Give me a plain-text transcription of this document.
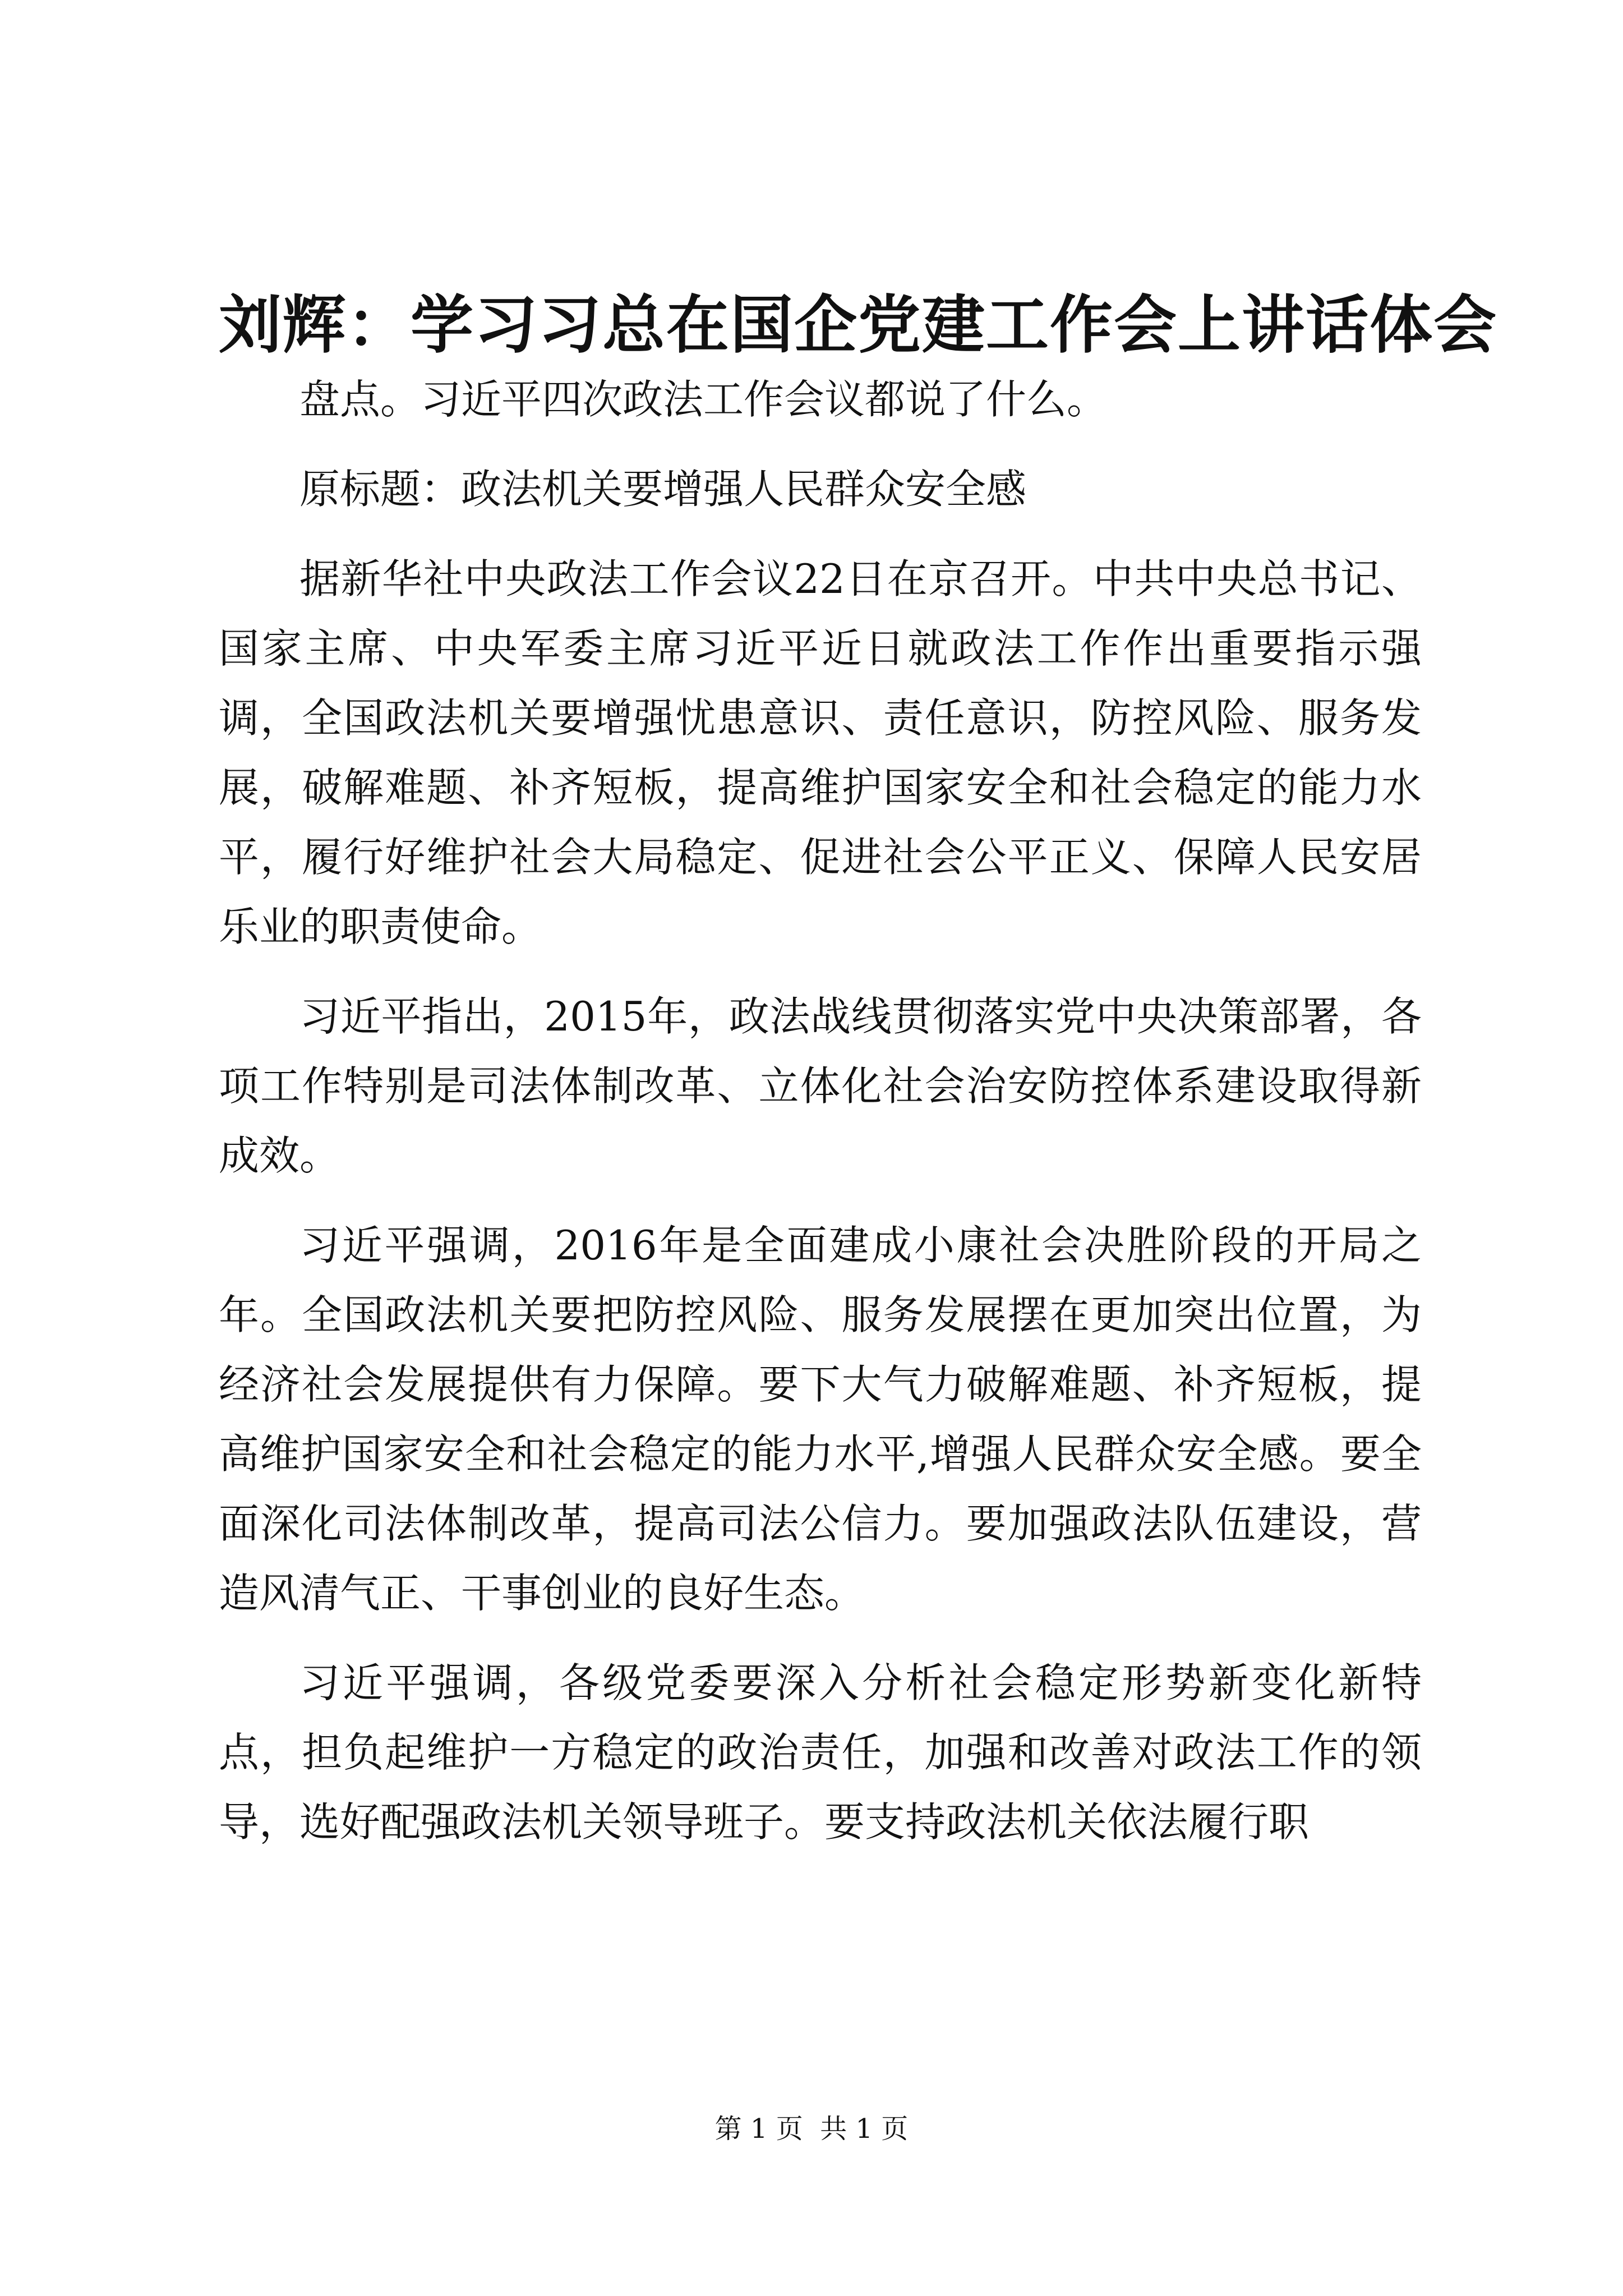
刘辉：学习习总在国企党建工作会上讲话体会

盘点。习近平四次政法工作会议都说了什么。

原标题：政法机关要增强人民群众安全感

据新华社中央政法工作会议22日在京召开。中共中央总书记、国家主席、中央军委主席习近平近日就政法工作作出重要指示强调，全国政法机关要增强忧患意识、责任意识，防控风险、服务发展，破解难题、补齐短板，提高维护国家安全和社会稳定的能力水平，履行好维护社会大局稳定、促进社会公平正义、保障人民安居乐业的职责使命。

习近平指出，2015年，政法战线贯彻落实党中央决策部署，各项工作特别是司法体制改革、立体化社会治安防控体系建设取得新成效。

习近平强调，2016年是全面建成小康社会决胜阶段的开局之年。全国政法机关要把防控风险、服务发展摆在更加突出位置，为经济社会发展提供有力保障。要下大气力破解难题、补齐短板，提高维护国家安全和社会稳定的能力水平,增强人民群众安全感。要全面深化司法体制改革，提高司法公信力。要加强政法队伍建设，营造风清气正、干事创业的良好生态。

习近平强调，各级党委要深入分析社会稳定形势新变化新特点，担负起维护一方稳定的政治责任，加强和改善对政法工作的领导，选好配强政法机关领导班子。要支持政法机关依法履行职

第 1 页  共 1 页
